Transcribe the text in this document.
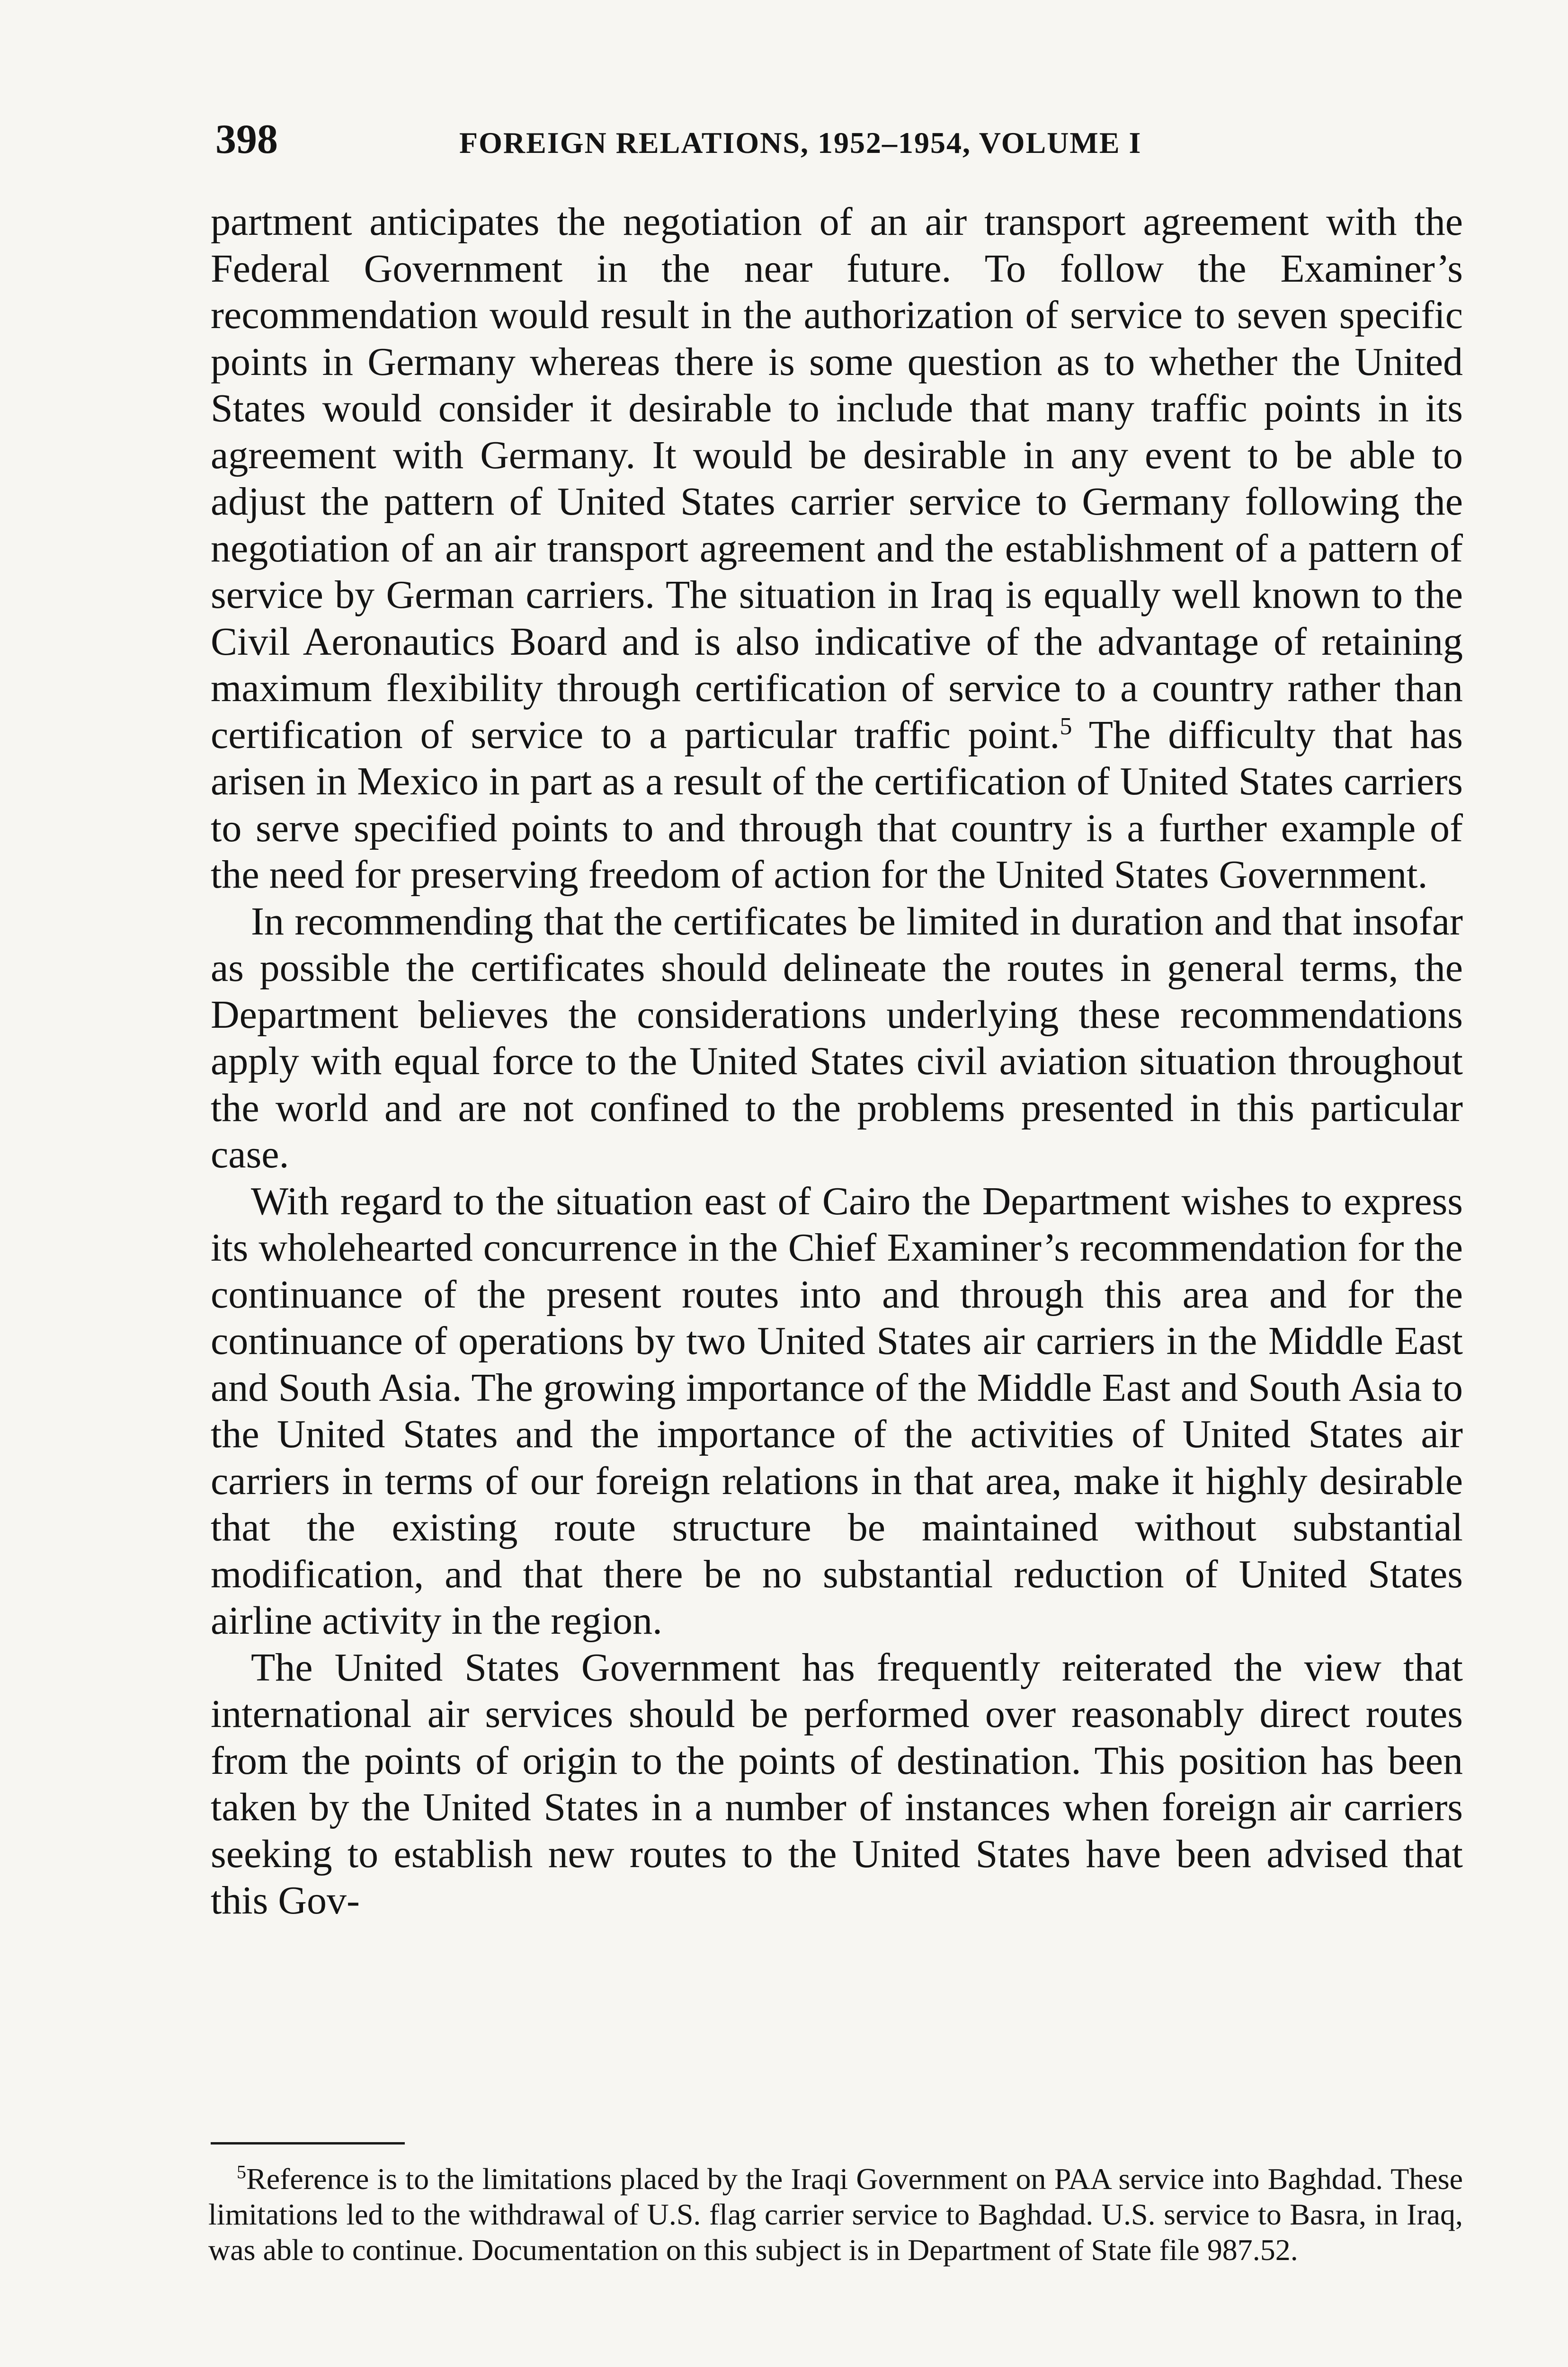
398	FOREIGN RELATIONS, 1952–1954, VOLUME I

partment anticipates the negotiation of an air transport agreement with the Federal Government in the near future. To follow the Examiner’s recommendation would result in the authorization of service to seven specific points in Germany whereas there is some question as to whether the United States would consider it desirable to include that many traffic points in its agreement with Germany. It would be desirable in any event to be able to adjust the pattern of United States carrier service to Germany following the negotiation of an air transport agreement and the establishment of a pattern of service by German carriers. The situation in Iraq is equally well known to the Civil Aeronautics Board and is also indicative of the advantage of retaining maximum flexibility through certification of service to a country rather than certification of service to a particular traffic point.$^5$ The difficulty that has arisen in Mexico in part as a result of the certification of United States carriers to serve specified points to and through that country is a further example of the need for preserving freedom of action for the United States Government.

In recommending that the certificates be limited in duration and that insofar as possible the certificates should delineate the routes in general terms, the Department believes the considerations underlying these recommendations apply with equal force to the United States civil aviation situation throughout the world and are not confined to the problems presented in this particular case.

With regard to the situation east of Cairo the Department wishes to express its wholehearted concurrence in the Chief Examiner’s recommendation for the continuance of the present routes into and through this area and for the continuance of operations by two United States air carriers in the Middle East and South Asia. The growing importance of the Middle East and South Asia to the United States and the importance of the activities of United States air carriers in terms of our foreign relations in that area, make it highly desirable that the existing route structure be maintained without substantial modification, and that there be no substantial reduction of United States airline activity in the region.

The United States Government has frequently reiterated the view that international air services should be performed over reasonably direct routes from the points of origin to the points of destination. This position has been taken by the United States in a number of instances when foreign air carriers seeking to establish new routes to the United States have been advised that this Gov-

$^5$Reference is to the limitations placed by the Iraqi Government on PAA service into Baghdad. These limitations led to the withdrawal of U.S. flag carrier service to Baghdad. U.S. service to Basra, in Iraq, was able to continue. Documentation on this subject is in Department of State file 987.52.
